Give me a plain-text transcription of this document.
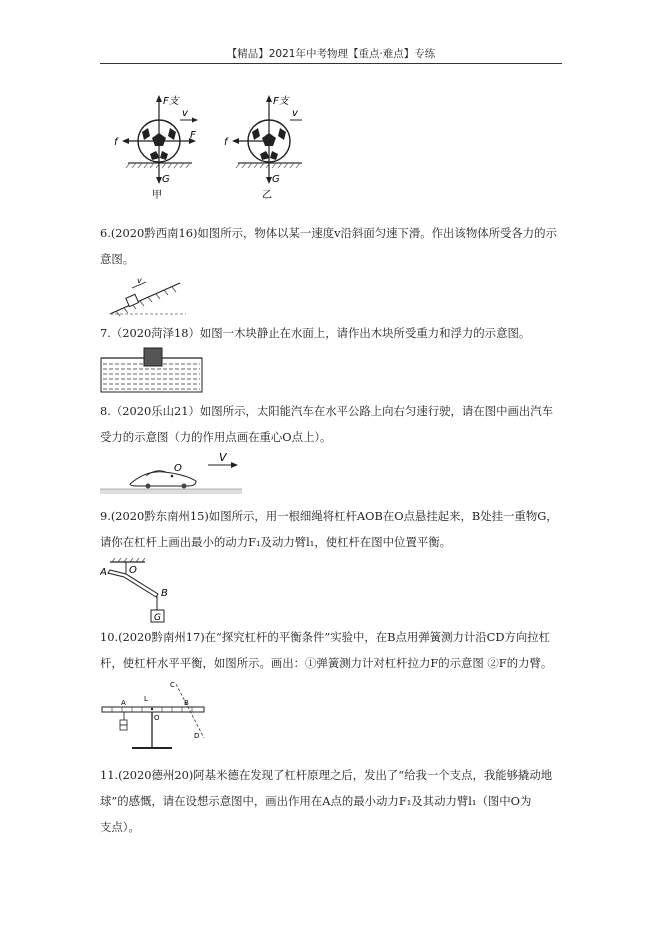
【精品】2021年中考物理【重点·难点】专练
F支
v
F
f
G
甲
F支
v
f
G
乙
6.(2020黔西南16)如图所示，物体以某一速度v沿斜面匀速下滑。作出该物体所受各力的示
意图。
v
7.（2020菏泽18）如图一木块静止在水面上，请作出木块所受重力和浮力的示意图。
8.（2020乐山21）如图所示，太阳能汽车在水平公路上向右匀速行驶，请在图中画出汽车
受力的示意图（力的作用点画在重心O点上）。
O
V
9.(2020黔东南州15)如图所示，用一根细绳将杠杆AOB在O点悬挂起来，B处挂一重物G，
请你在杠杆上画出最小的动力F₁及动力臂l₁，使杠杆在图中位置平衡。
A O
B
G
10.(2020黔南州17)在“探究杠杆的平衡条件”实验中，在B点用弹簧测力计沿CD方向拉杠
杆，使杠杆水平平衡，如图所示。画出：①弹簧测力计对杠杆拉力F的示意图 ②F的力臂。
A	L
O
B
C
D
11.(2020德州20)阿基米德在发现了杠杆原理之后，发出了“给我一个支点，我能够撬动地
球”的感慨，请在设想示意图中，画出作用在A点的最小动力F₁及其动力臂l₁（图中O为
支点）。
